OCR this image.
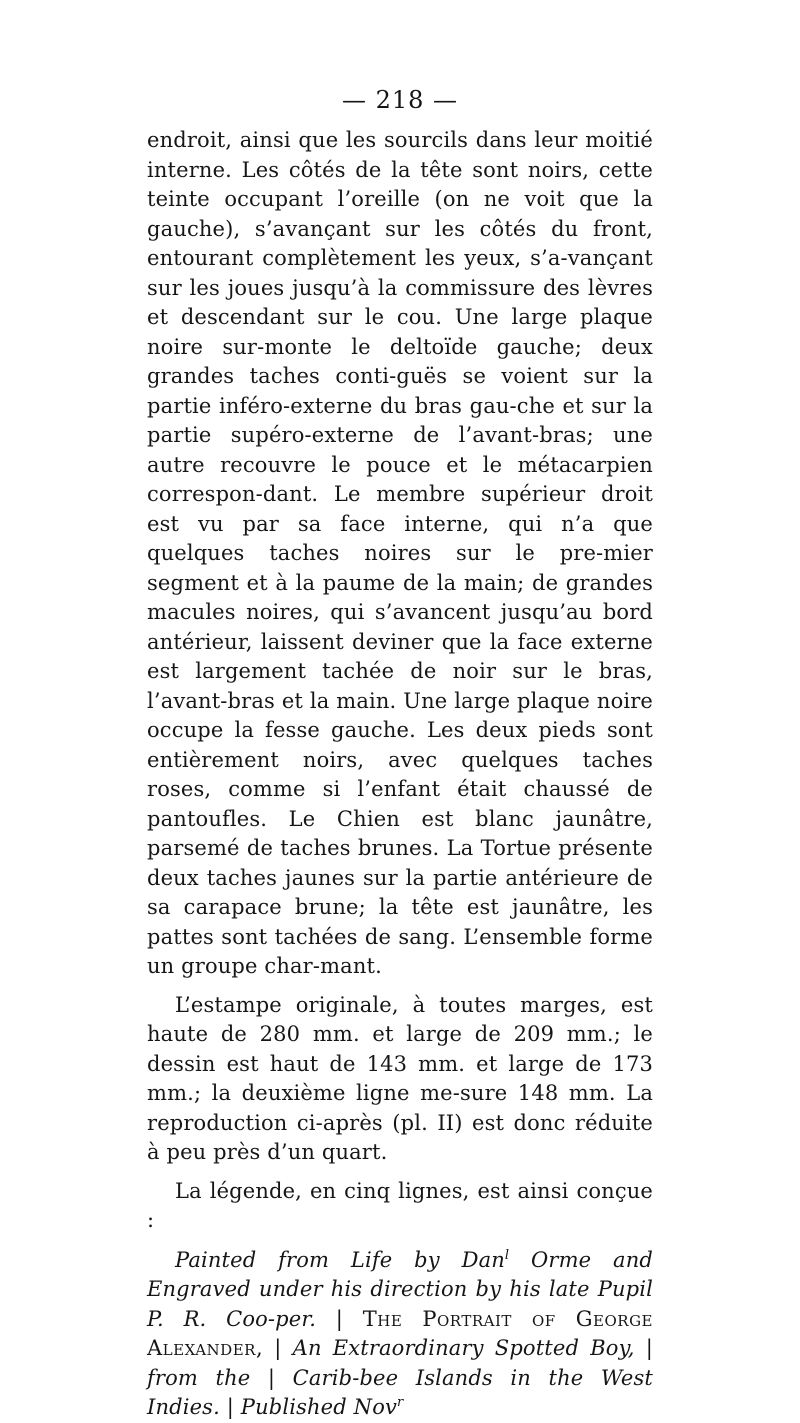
— 218 —

endroit, ainsi que les sourcils dans leur moitié interne. Les côtés de la tête sont noirs, cette teinte occupant l’oreille (on ne voit que la gauche), s’avançant sur les côtés du front, entourant complètement les yeux, s’a-vançant sur les joues jusqu’à la commissure des lèvres et descendant sur le cou. Une large plaque noire sur-monte le deltoïde gauche; deux grandes taches conti-guës se voient sur la partie inféro-externe du bras gau-che et sur la partie supéro-externe de l’avant-bras; une autre recouvre le pouce et le métacarpien correspon-dant. Le membre supérieur droit est vu par sa face interne, qui n’a que quelques taches noires sur le pre-mier segment et à la paume de la main; de grandes macules noires, qui s’avancent jusqu’au bord antérieur, laissent deviner que la face externe est largement tachée de noir sur le bras, l’avant-bras et la main. Une large plaque noire occupe la fesse gauche. Les deux pieds sont entièrement noirs, avec quelques taches roses, comme si l’enfant était chaussé de pantoufles. Le Chien est blanc jaunâtre, parsemé de taches brunes. La Tortue présente deux taches jaunes sur la partie antérieure de sa carapace brune; la tête est jaunâtre, les pattes sont tachées de sang. L’ensemble forme un groupe char-mant.

L’estampe originale, à toutes marges, est haute de 280 mm. et large de 209 mm.; le dessin est haut de 143 mm. et large de 173 mm.; la deuxième ligne me-sure 148 mm. La reproduction ci-après (pl. II) est donc réduite à peu près d’un quart.

La légende, en cinq lignes, est ainsi conçue :

Painted from Life by Dan$^l$ Orme and Engraved under his direction by his late Pupil P. R. Coo-per. | The Portrait of George Alexander, | An Extraordinary Spotted Boy, | from the | Carib-bee Islands in the West Indies. | Published Nov$^r$
